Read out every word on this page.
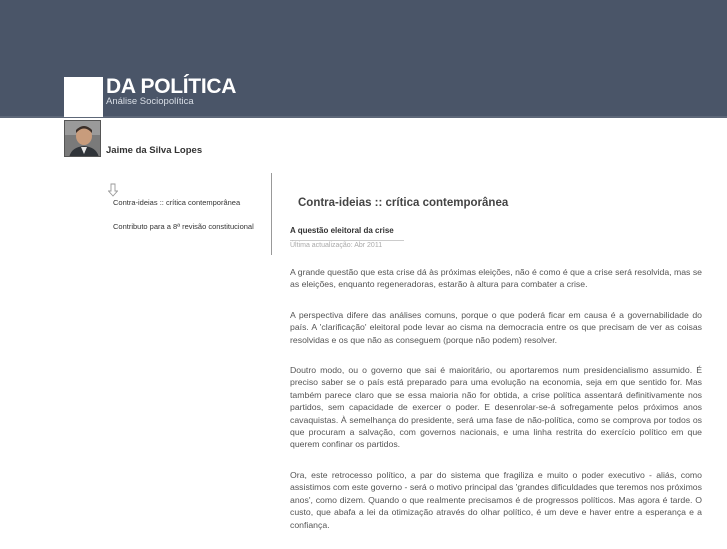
DA POLÍTICA
Análise Sociopolítica
Jaime da Silva Lopes
Contra-ideias :: crítica contemporânea
Contributo para a 8ª revisão constitucional
Contra-ideias :: crítica contemporânea
A questão eleitoral da crise
Última actualização: Abr 2011

A grande questão que esta crise dá às próximas eleições, não é como é que a crise será resolvida, mas se as eleições, enquanto regeneradoras, estarão à altura para combater a crise.

A perspectiva difere das análises comuns, porque o que poderá ficar em causa é a governabilidade do país. A 'clarificação' eleitoral pode levar ao cisma na democracia entre os que precisam de ver as coisas resolvidas e os que não as conseguem (porque não podem) resolver.

Doutro modo, ou o governo que sai é maioritário, ou aportaremos num presidencialismo assumido. É preciso saber se o país está preparado para uma evolução na economia, seja em que sentido for. Mas também parece claro que se essa maioria não for obtida, a crise política assentará definitivamente nos partidos, sem capacidade de exercer o poder. E desenrolar-se-á sofregamente pelos próximos anos cavaquistas. À semelhança do presidente, será uma fase de não-política, como se comprova por todos os que procuram a salvação, com governos nacionais, e uma linha restrita do exercício político em que querem confinar os partidos.

Ora, este retrocesso político, a par do sistema que fragiliza e muito o poder executivo - aliás, como assistimos com este governo - será o motivo principal das 'grandes dificuldades que teremos nos próximos anos', como dizem. Quando o que realmente precisamos é de progressos políticos. Mas agora é tarde. O custo, que abafa a lei da otimização através do olhar político, é um deve e haver entre a esperança e a confiança.
